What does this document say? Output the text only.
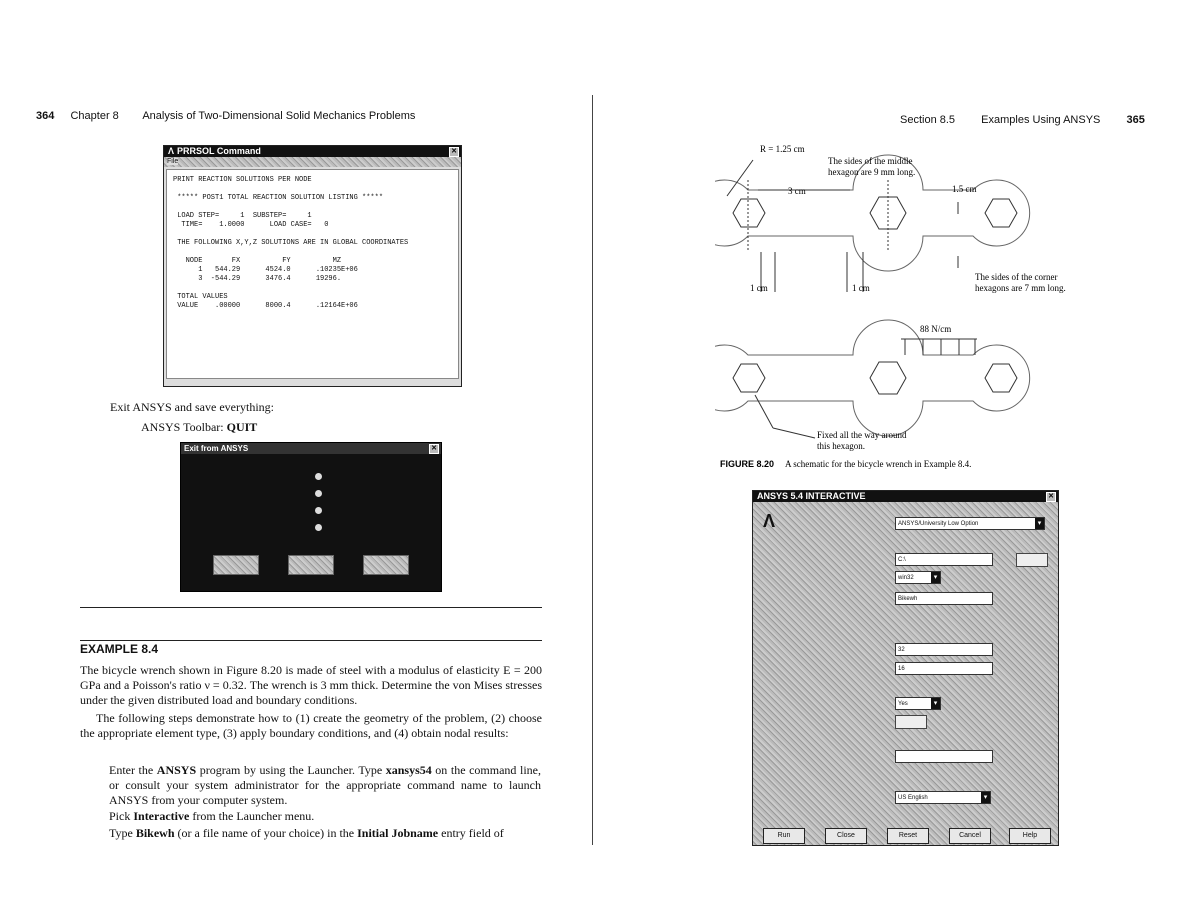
364 Chapter 8 Analysis of Two-Dimensional Solid Mechanics Problems
Λ PRRSOL Command	✕
File
PRINT REACTION SOLUTIONS PER NODE

***** POST1 TOTAL REACTION SOLUTION LISTING *****

LOAD STEP=     1  SUBSTEP=     1
TIME=    1.0000      LOAD CASE=   0

THE FOLLOWING X,Y,Z SOLUTIONS ARE IN GLOBAL COORDINATES

NODE       FX          FY          MZ
1   544.29      4524.0      .10235E+06
3  -544.29      3476.4      19296.

TOTAL VALUES
VALUE    .00000      8000.4      .12164E+06
Exit ANSYS and save everything:
ANSYS Toolbar: QUIT
Exit from ANSYS	✕
EXAMPLE 8.4
The bicycle wrench shown in Figure 8.20 is made of steel with a modulus of elasticity E = 200 GPa and a Poisson's ratio ν = 0.32. The wrench is 3 mm thick. Determine the von Mises stresses under the given distributed load and boundary conditions.
The following steps demonstrate how to (1) create the geometry of the problem, (2) choose the appropriate element type, (3) apply boundary conditions, and (4) obtain nodal results:
Enter the ANSYS program by using the Launcher. Type xansys54 on the command line, or consult your system administrator for the appropriate command name to launch ANSYS from your computer system.
Pick Interactive from the Launcher menu.
Type Bikewh (or a file name of your choice) in the Initial Jobname entry field of
Section 8.5 Examples Using ANSYS 365
R = 1.25 cm
The sides of the middle
hexagon are 9 mm long.
3 cm	1.5 cm
1 cm	1 cm
The sides of the corner
hexagons are 7 mm long.
88 N/cm
Fixed all the way around
this hexagon.
FIGURE 8.20 A schematic for the bicycle wrench in Example 8.4.
ANSYS 5.4 INTERACTIVE	✕
Λ	ANSYS/University Low Option	▾
C:\
win32	▾
Bikewh
32
16
Yes	▾
US English	▾
Run	Close	Reset	Cancel	Help
